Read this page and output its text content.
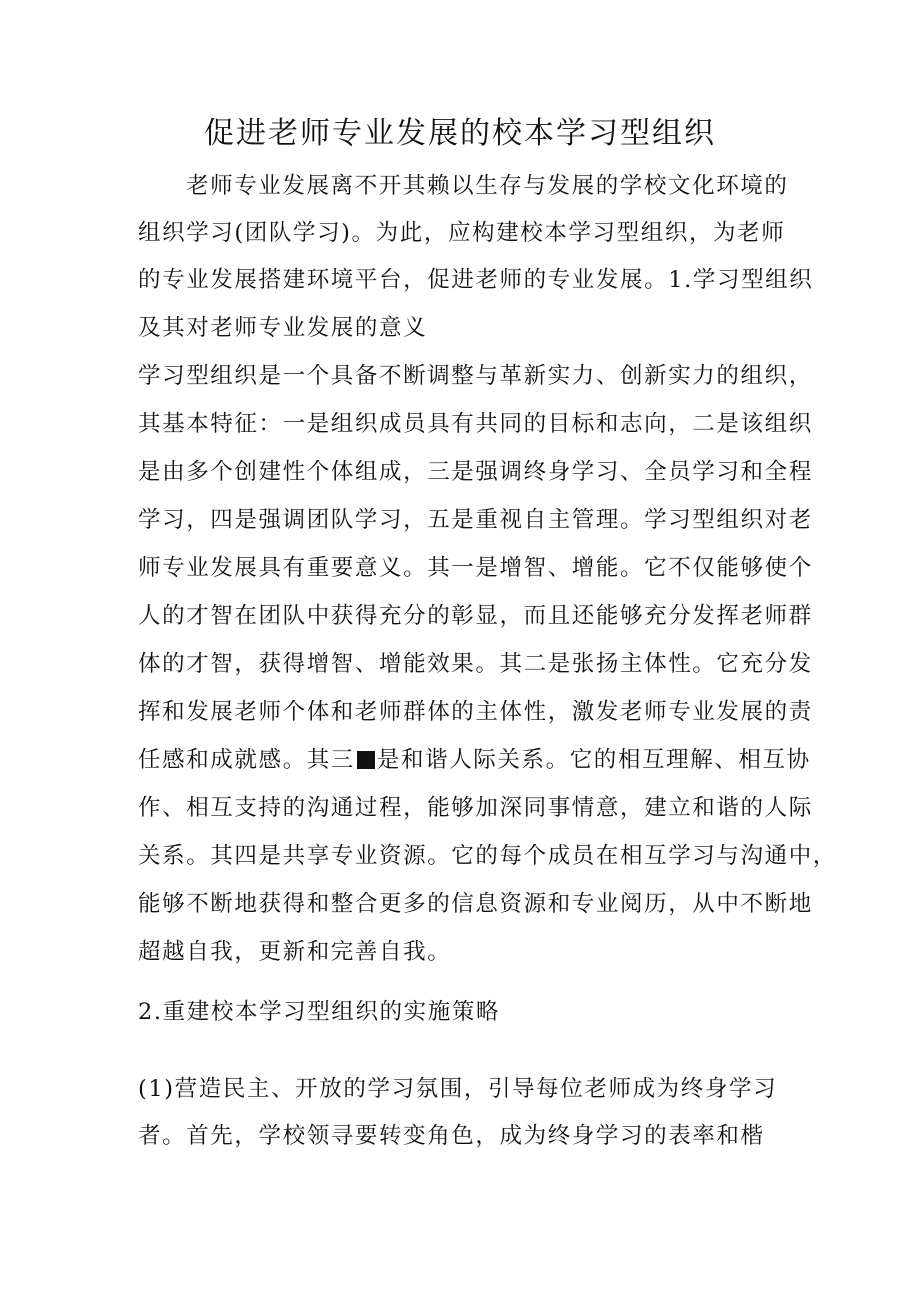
促进老师专业发展的校本学习型组织
老师专业发展离不开其赖以生存与发展的学校文化环境的
组织学习(团队学习)。为此，应构建校本学习型组织，为老师
的专业发展搭建环境平台，促进老师的专业发展。1.学习型组织
及其对老师专业发展的意义
学习型组织是一个具备不断调整与革新实力、创新实力的组织，
其基本特征：一是组织成员具有共同的目标和志向，二是该组织
是由多个创建性个体组成，三是强调终身学习、全员学习和全程
学习，四是强调团队学习，五是重视自主管理。学习型组织对老
师专业发展具有重要意义。其一是增智、增能。它不仅能够使个
人的才智在团队中获得充分的彰显，而且还能够充分发挥老师群
体的才智，获得增智、增能效果。其二是张扬主体性。它充分发
挥和发展老师个体和老师群体的主体性，激发老师专业发展的责
任感和成就感。其三 是和谐人际关系。它的相互理解、相互协
作、相互支持的沟通过程，能够加深同事情意，建立和谐的人际
关系。其四是共享专业资源。它的每个成员在相互学习与沟通中，
能够不断地获得和整合更多的信息资源和专业阅历，从中不断地
超越自我，更新和完善自我。
2.重建校本学习型组织的实施策略
(1)营造民主、开放的学习氛围，引导每位老师成为终身学习
者。首先，学校领寻要转变角色，成为终身学习的表率和楷
